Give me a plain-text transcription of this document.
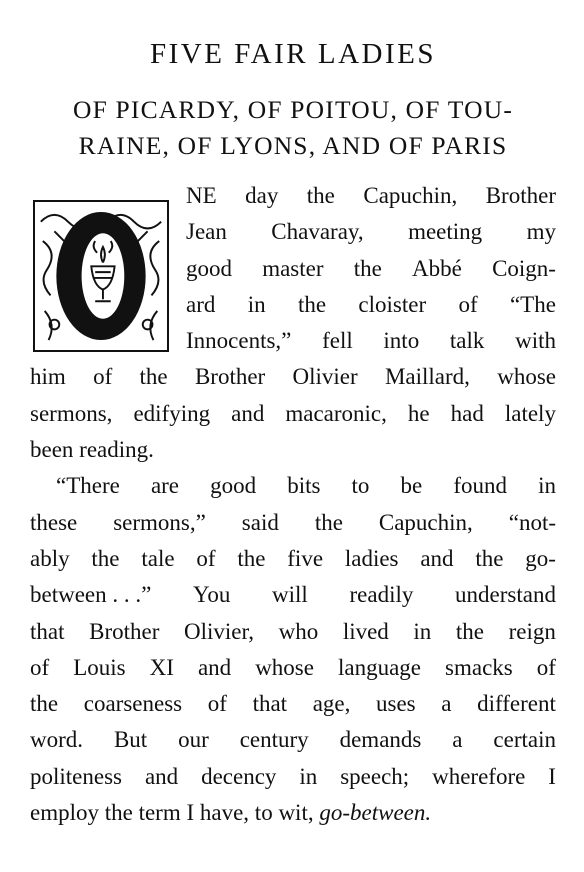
FIVE FAIR LADIES
OF PICARDY, OF POITOU, OF TOU-
RAINE, OF LYONS, AND OF PARIS
NE day the Capuchin, Brother
Jean Chavaray, meeting my
good master the Abbé Coign-
ard in the cloister of “The
Innocents,” fell into talk with
him of the Brother Olivier Maillard, whose
sermons, edifying and macaronic, he had lately
been reading.
“There are good bits to be found in
these sermons,” said the Capuchin, “not-
ably the tale of the five ladies and the go-
between . . .” You will readily understand
that Brother Olivier, who lived in the reign
of Louis XI and whose language smacks of
the coarseness of that age, uses a different
word. But our century demands a certain
politeness and decency in speech; wherefore I
employ the term I have, to wit, go-between.
